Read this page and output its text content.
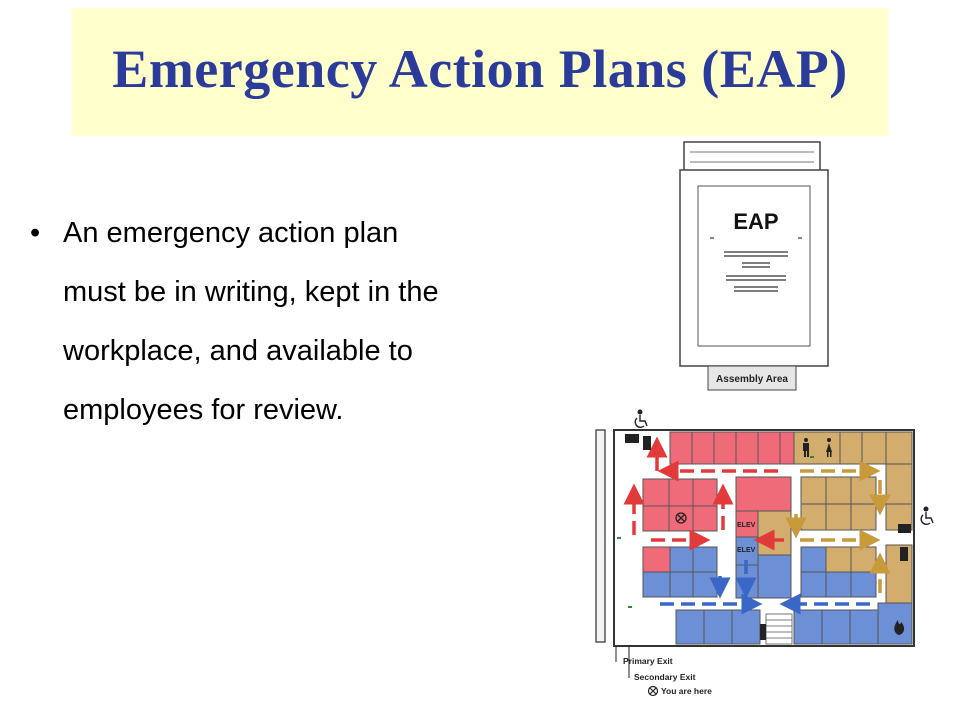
Emergency Action Plans (EAP)
• An emergency action plan
must be in writing, kept in the
workplace, and available to
employees for review.
EAP
Assembly Area
ELEV
ELEV
Primary Exit
Secondary Exit
You are here
